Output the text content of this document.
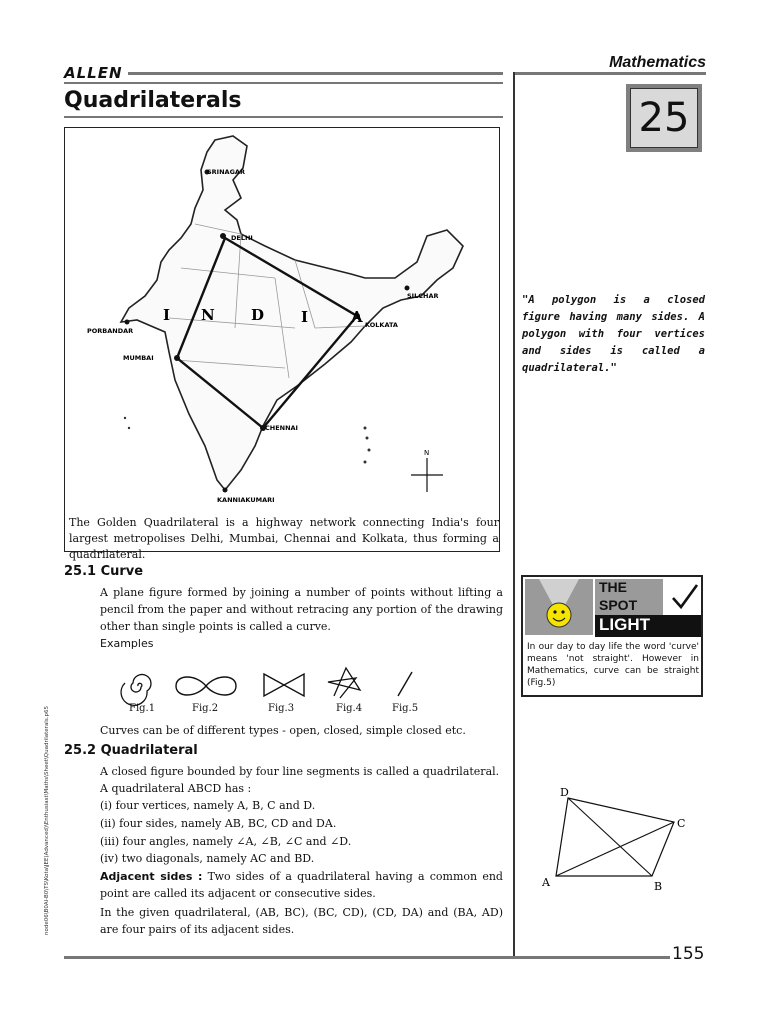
ALLEN
Mathematics
Quadrilaterals	25
N
SRINAGAR
DELHI
SILCHAR
KOLKATA
PORBANDAR
MUMBAI
CHENNAI
KANNIAKUMARI
I N D I	A
The Golden Quadrilateral is a highway network connecting India's four largest metropolises Delhi, Mumbai, Chennai and Kolkata, thus forming a quadrilateral.
"A polygon is a closed figure having many sides. A polygon with four vertices and sides is called a quadrilateral."
THE
SPOT
LIGHT
In our day to day life the word 'curve' means 'not straight'. However in Mathematics, curve can be straight (Fig.5)
25.1 Curve
A plane figure formed by joining a number of points without lifting a pencil from the paper and without retracing any portion of the drawing other than single points is called a curve.
Examples
Fig.1	Fig.2	Fig.3	Fig.4	Fig.5
Curves can be of different types - open, closed, simple closed etc.
25.2 Quadrilateral
A closed figure bounded by four line segments is called a quadrilateral.
A quadrilateral ABCD has :
(i) four vertices, namely A, B, C and D.
(ii) four sides, namely AB, BC, CD and DA.
(iii) four angles, namely ∠A, ∠B, ∠C and ∠D.
(iv) two diagonals, namely AC and BD.
Adjacent sides : Two sides of a quadrilateral having a common end point are called its adjacent or consecutive sides.
In the given quadrilateral, (AB, BC), (BC, CD), (CD, DA) and (BA, AD) are four pairs of its adjacent sides.
A	B
C
D
155
node06\B0AI-B0\TS\Kota\JEE(Advanced)\Enthusiast\Maths\Sheet\Quadrilaterals.p65
